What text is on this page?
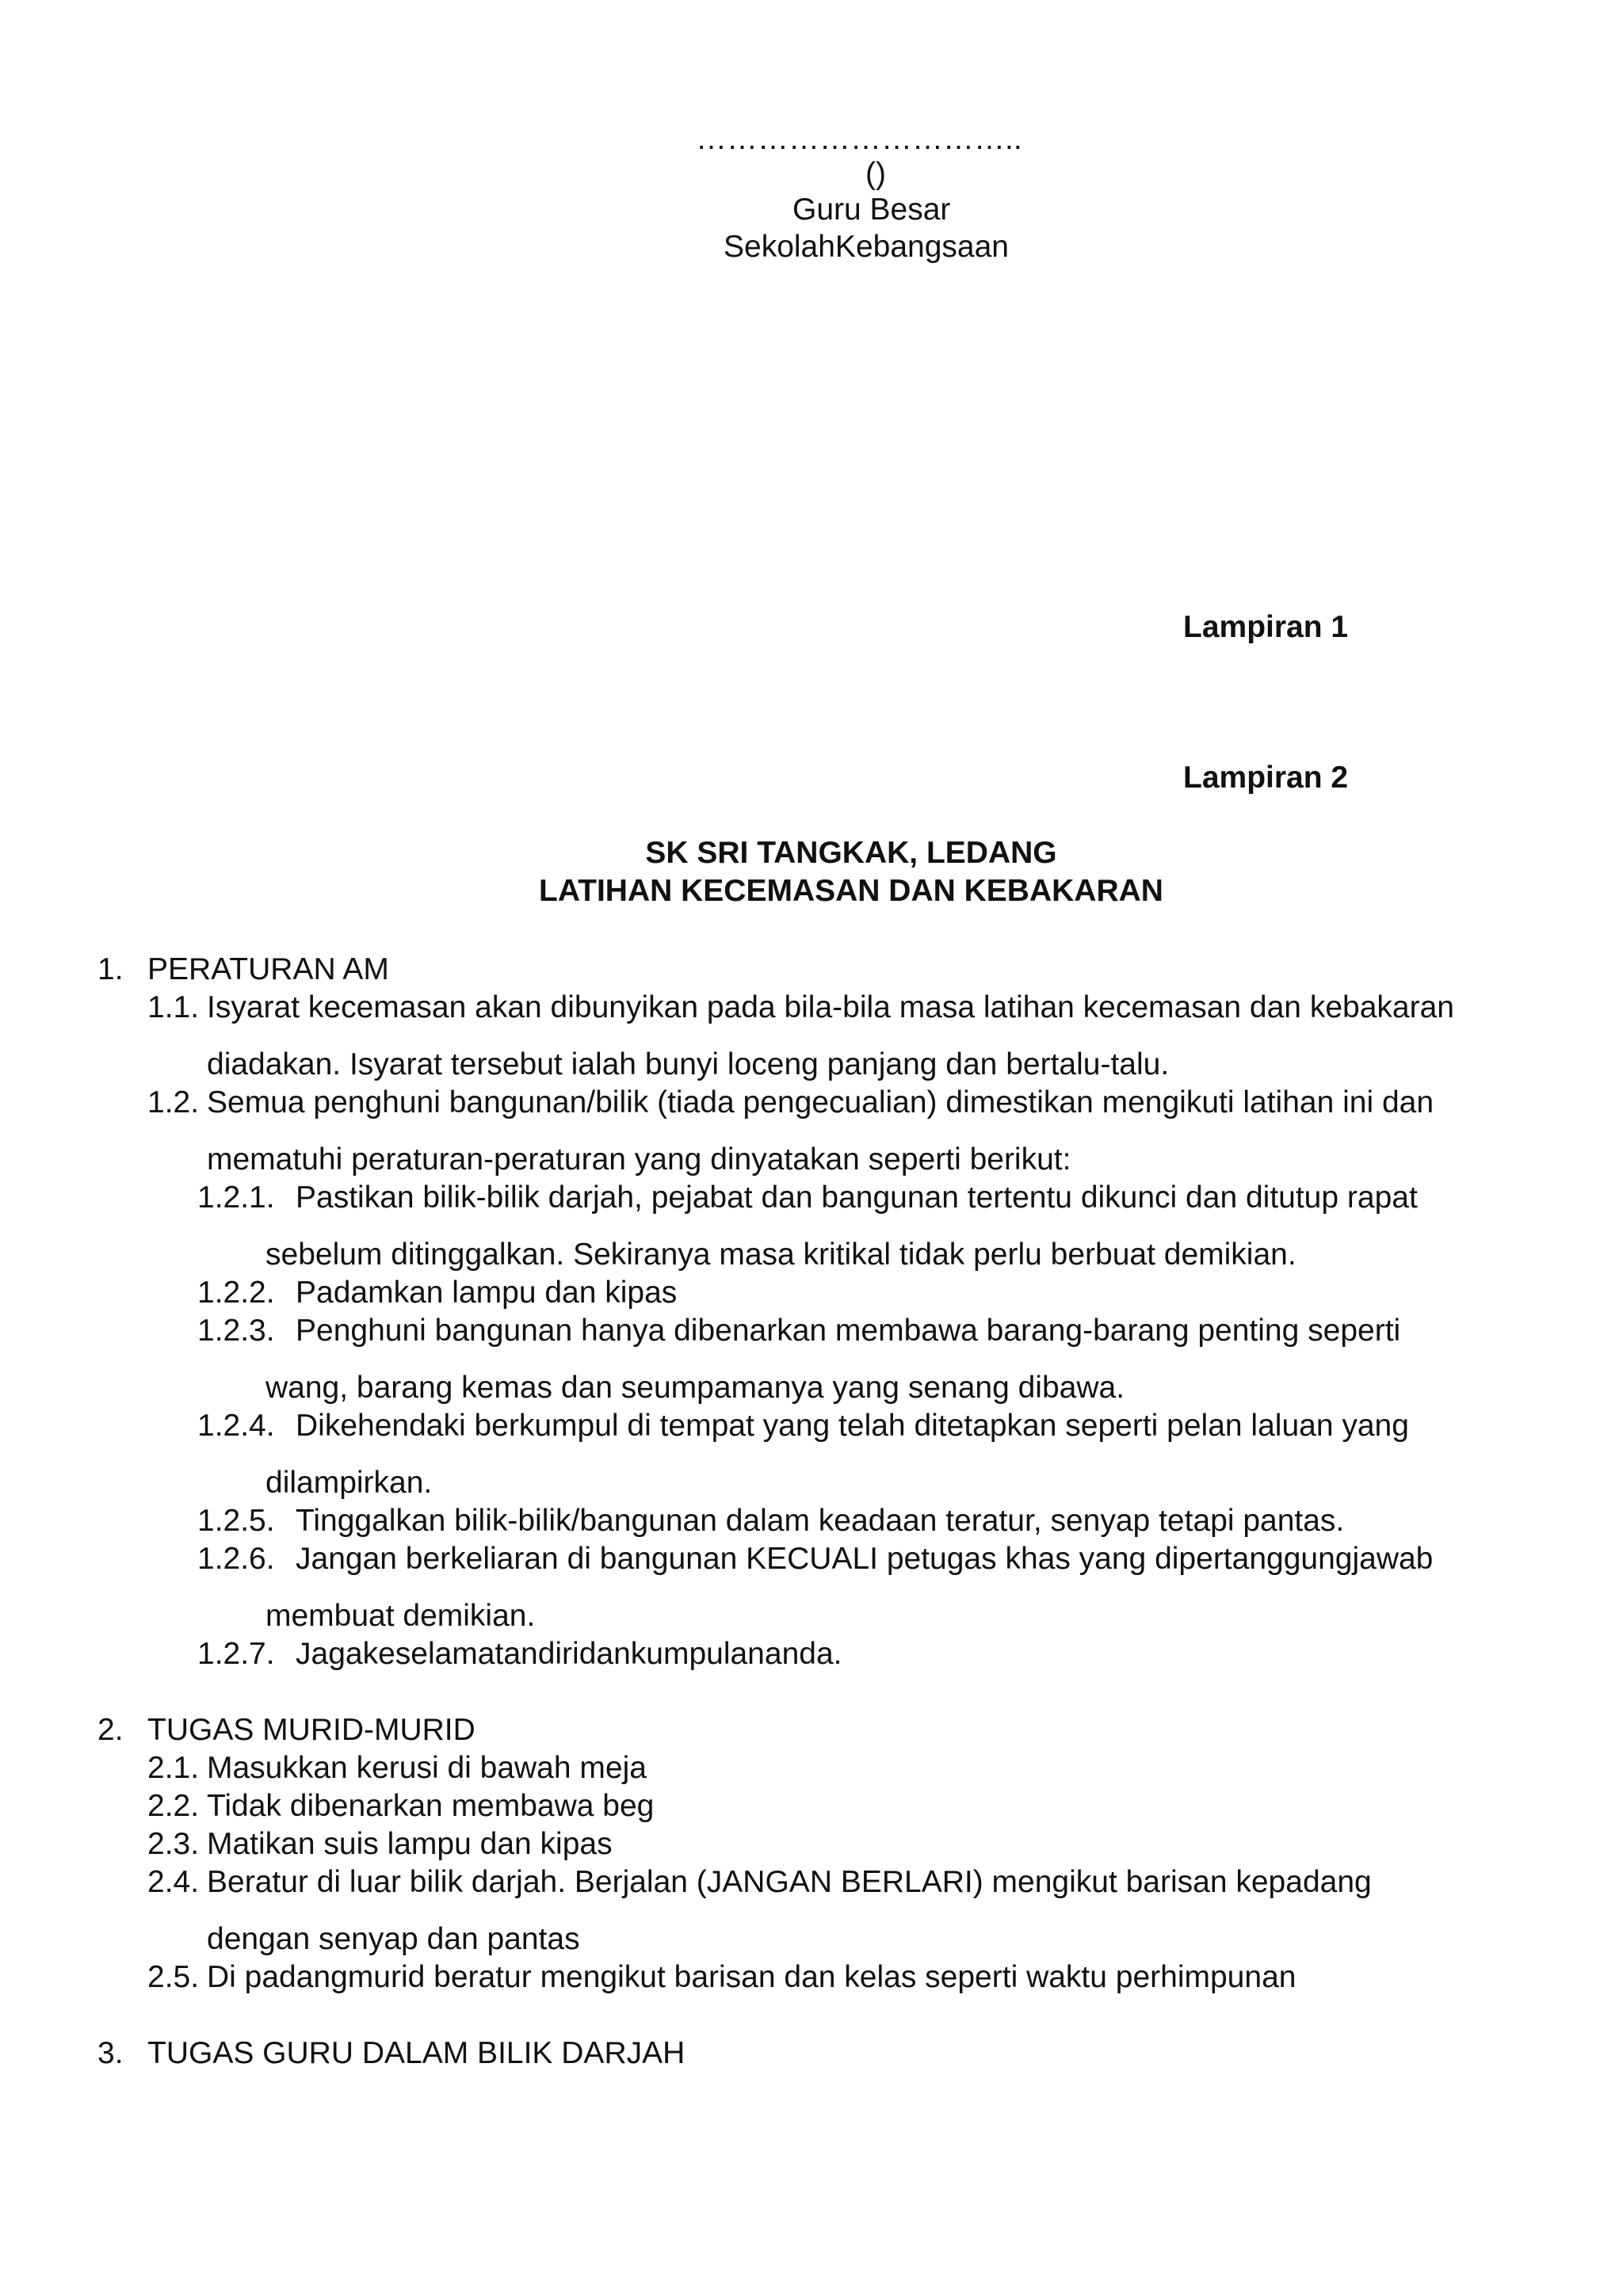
…………………………..
()
Guru Besar
SekolahKebangsaan
Lampiran 1
Lampiran 2
SK SRI TANGKAK, LEDANG
LATIHAN KECEMASAN DAN KEBAKARAN
1. PERATURAN AM
1.1. Isyarat kecemasan akan dibunyikan pada bila-bila masa latihan kecemasan dan kebakaran
diadakan. Isyarat tersebut ialah bunyi loceng panjang dan bertalu-talu.
1.2. Semua penghuni bangunan/bilik (tiada pengecualian) dimestikan mengikuti latihan ini dan
mematuhi peraturan-peraturan yang dinyatakan seperti berikut:
1.2.1. Pastikan bilik-bilik darjah, pejabat dan bangunan tertentu dikunci dan ditutup rapat
sebelum ditinggalkan. Sekiranya masa kritikal tidak perlu berbuat demikian.
1.2.2. Padamkan lampu dan kipas
1.2.3. Penghuni bangunan hanya dibenarkan membawa barang-barang penting seperti
wang, barang kemas dan seumpamanya yang senang dibawa.
1.2.4. Dikehendaki berkumpul di tempat yang telah ditetapkan seperti pelan laluan yang
dilampirkan.
1.2.5. Tinggalkan bilik-bilik/bangunan dalam keadaan teratur, senyap tetapi pantas.
1.2.6. Jangan berkeliaran di bangunan KECUALI petugas khas yang dipertanggungjawab
membuat demikian.
1.2.7. Jagakeselamatandiridankumpulananda.
2. TUGAS MURID-MURID
2.1. Masukkan kerusi di bawah meja
2.2. Tidak dibenarkan membawa beg
2.3. Matikan suis lampu dan kipas
2.4. Beratur di luar bilik darjah. Berjalan (JANGAN BERLARI) mengikut barisan kepadang
dengan senyap dan pantas
2.5. Di padangmurid beratur mengikut barisan dan kelas seperti waktu perhimpunan
3. TUGAS GURU DALAM BILIK DARJAH
